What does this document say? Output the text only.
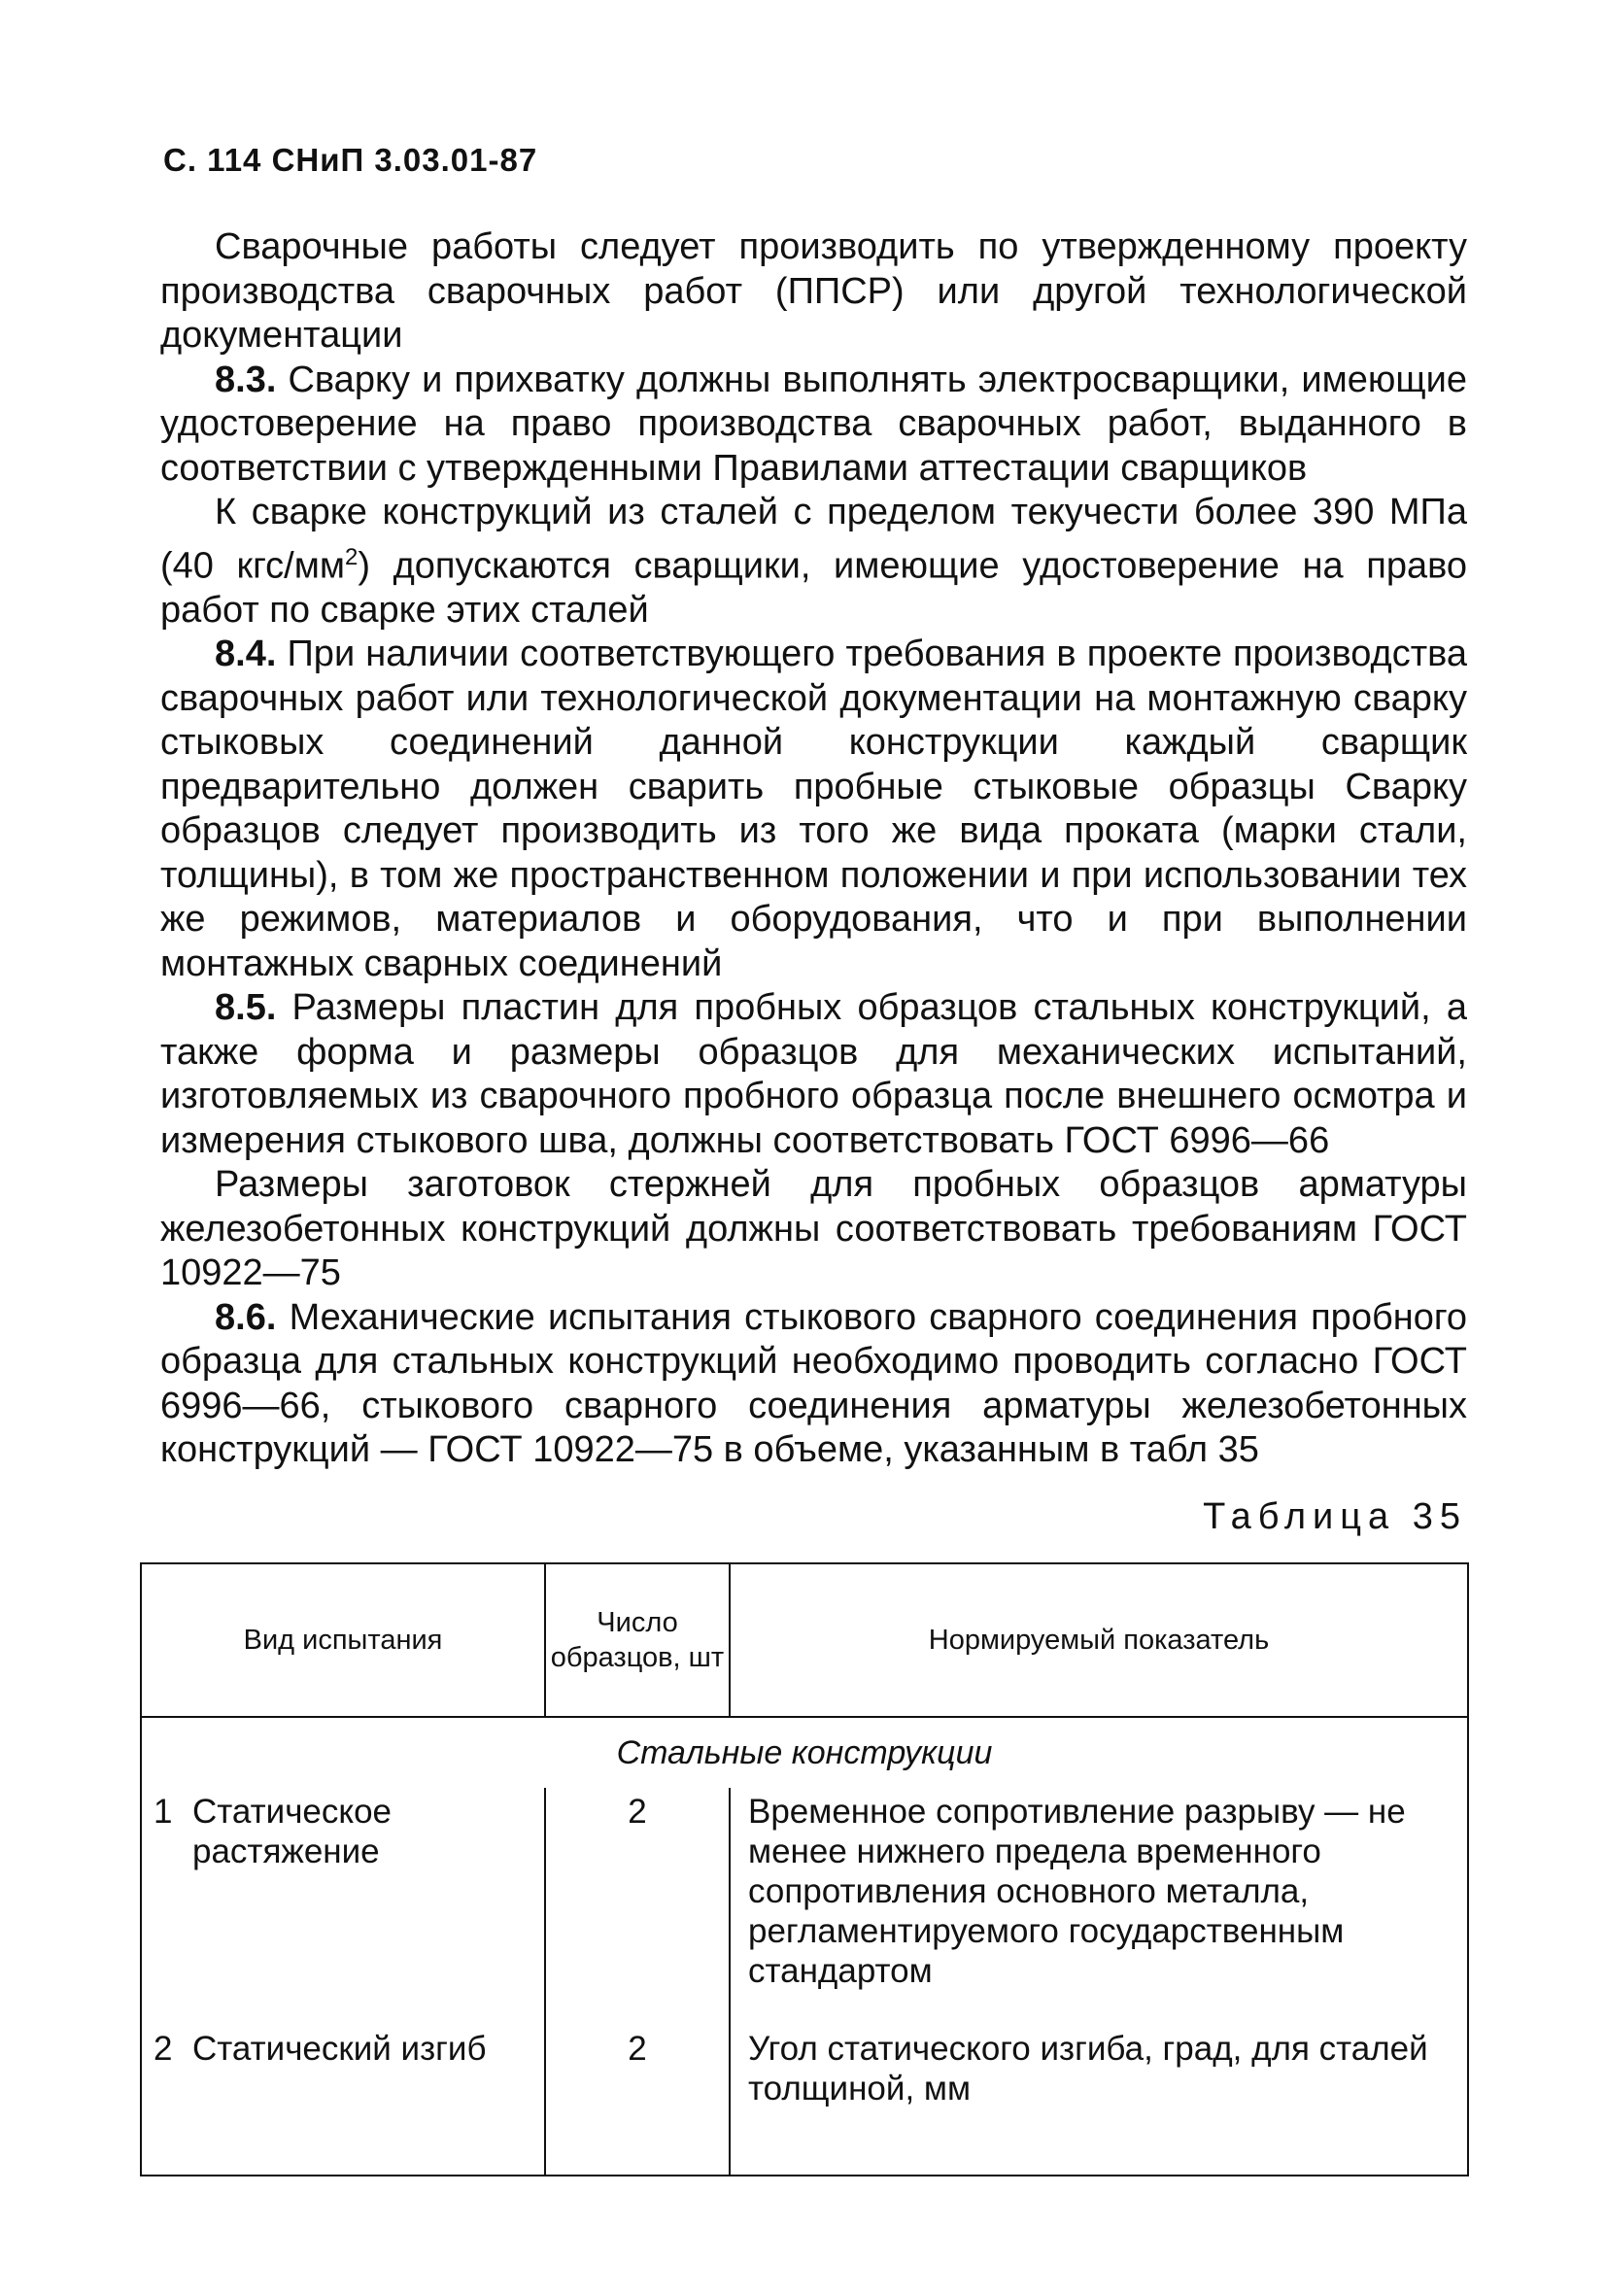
С. 114 СНиП 3.03.01-87

Сварочные работы следует производить по утвержденному проекту производства сварочных работ (ППСР) или другой технологической документации

8.3. Сварку и прихватку должны выполнять электросварщики, имеющие удостоверение на право производства сварочных работ, выданного в соответствии с утвержденными Правилами аттестации сварщиков

К сварке конструкций из сталей с пределом текучести более 390 МПа (40 кгс/$мм^2$) допускаются сварщики, имеющие удостоверение на право работ по сварке этих сталей

8.4. При наличии соответствующего требования в проекте производства сварочных работ или технологической документации на монтажную сварку стыковых соединений данной конструкции каждый сварщик предварительно должен сварить пробные стыковые образцы Сварку образцов следует производить из того же вида проката (марки стали, толщины), в том же пространственном положении и при использовании тех же режимов, материалов и оборудования, что и при выполнении монтажных сварных соединений

8.5. Размеры пластин для пробных образцов стальных конструкций, а также форма и размеры образцов для механических испытаний, изготовляемых из сварочного пробного образца после внешнего осмотра и измерения стыкового шва, должны соответствовать ГОСТ 6996—66

Размеры заготовок стержней для пробных образцов арматуры железобетонных конструкций должны соответствовать требованиям ГОСТ 10922—75

8.6. Механические испытания стыкового сварного соединения пробного образца для стальных конструкций необходимо проводить согласно ГОСТ 6996—66, стыкового сварного соединения арматуры железобетонных конструкций — ГОСТ 10922—75 в объеме, указанным в табл 35

Таблица 35
Вид испытания	Число образцов, шт	Нормируемый показатель
Стальные конструкции		
1 Статическое растяжение	2	Временное сопротивление разрыву — не менее нижнего предела временного сопротивления основного металла, регламентируемого государственным стандартом
2 Статический изгиб	2	Угол статического изгиба, град, для сталей толщиной, мм
